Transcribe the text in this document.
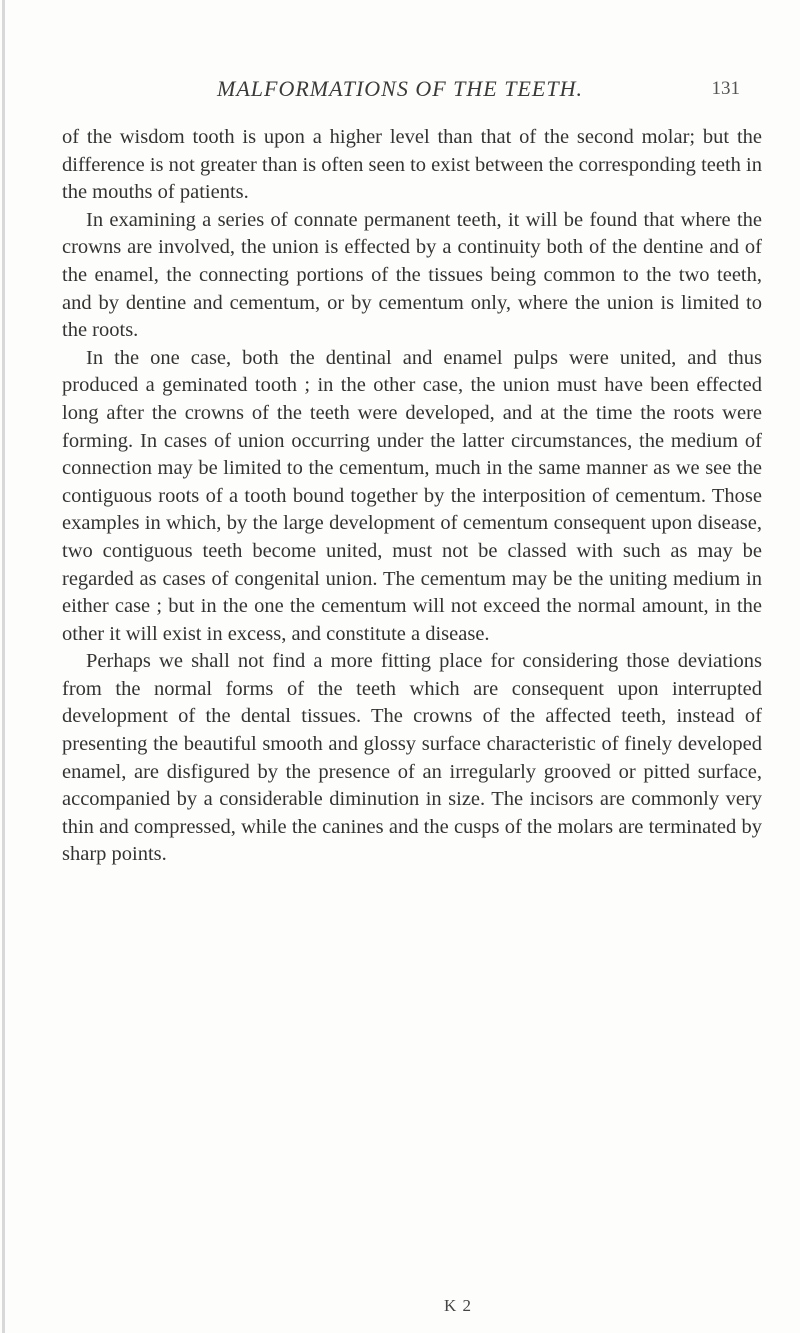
MALFORMATIONS OF THE TEETH.	131

of the wisdom tooth is upon a higher level than that of the second molar; but the difference is not greater than is often seen to exist between the corresponding teeth in the mouths of patients.

In examining a series of connate permanent teeth, it will be found that where the crowns are involved, the union is effected by a continuity both of the dentine and of the enamel, the connecting portions of the tissues being common to the two teeth, and by dentine and cementum, or by cementum only, where the union is limited to the roots.

In the one case, both the dentinal and enamel pulps were united, and thus produced a geminated tooth ; in the other case, the union must have been effected long after the crowns of the teeth were developed, and at the time the roots were forming. In cases of union occurring under the latter circumstances, the medium of connection may be limited to the cementum, much in the same manner as we see the contiguous roots of a tooth bound together by the interposition of cementum. Those examples in which, by the large development of cementum consequent upon disease, two contiguous teeth become united, must not be classed with such as may be regarded as cases of congenital union. The cementum may be the uniting medium in either case ; but in the one the cementum will not exceed the normal amount, in the other it will exist in excess, and constitute a disease.

Perhaps we shall not find a more fitting place for considering those deviations from the normal forms of the teeth which are consequent upon interrupted development of the dental tissues. The crowns of the affected teeth, instead of presenting the beautiful smooth and glossy surface characteristic of finely developed enamel, are disfigured by the presence of an irregularly grooved or pitted surface, accompanied by a considerable diminution in size. The incisors are commonly very thin and compressed, while the canines and the cusps of the molars are terminated by sharp points.

K 2
